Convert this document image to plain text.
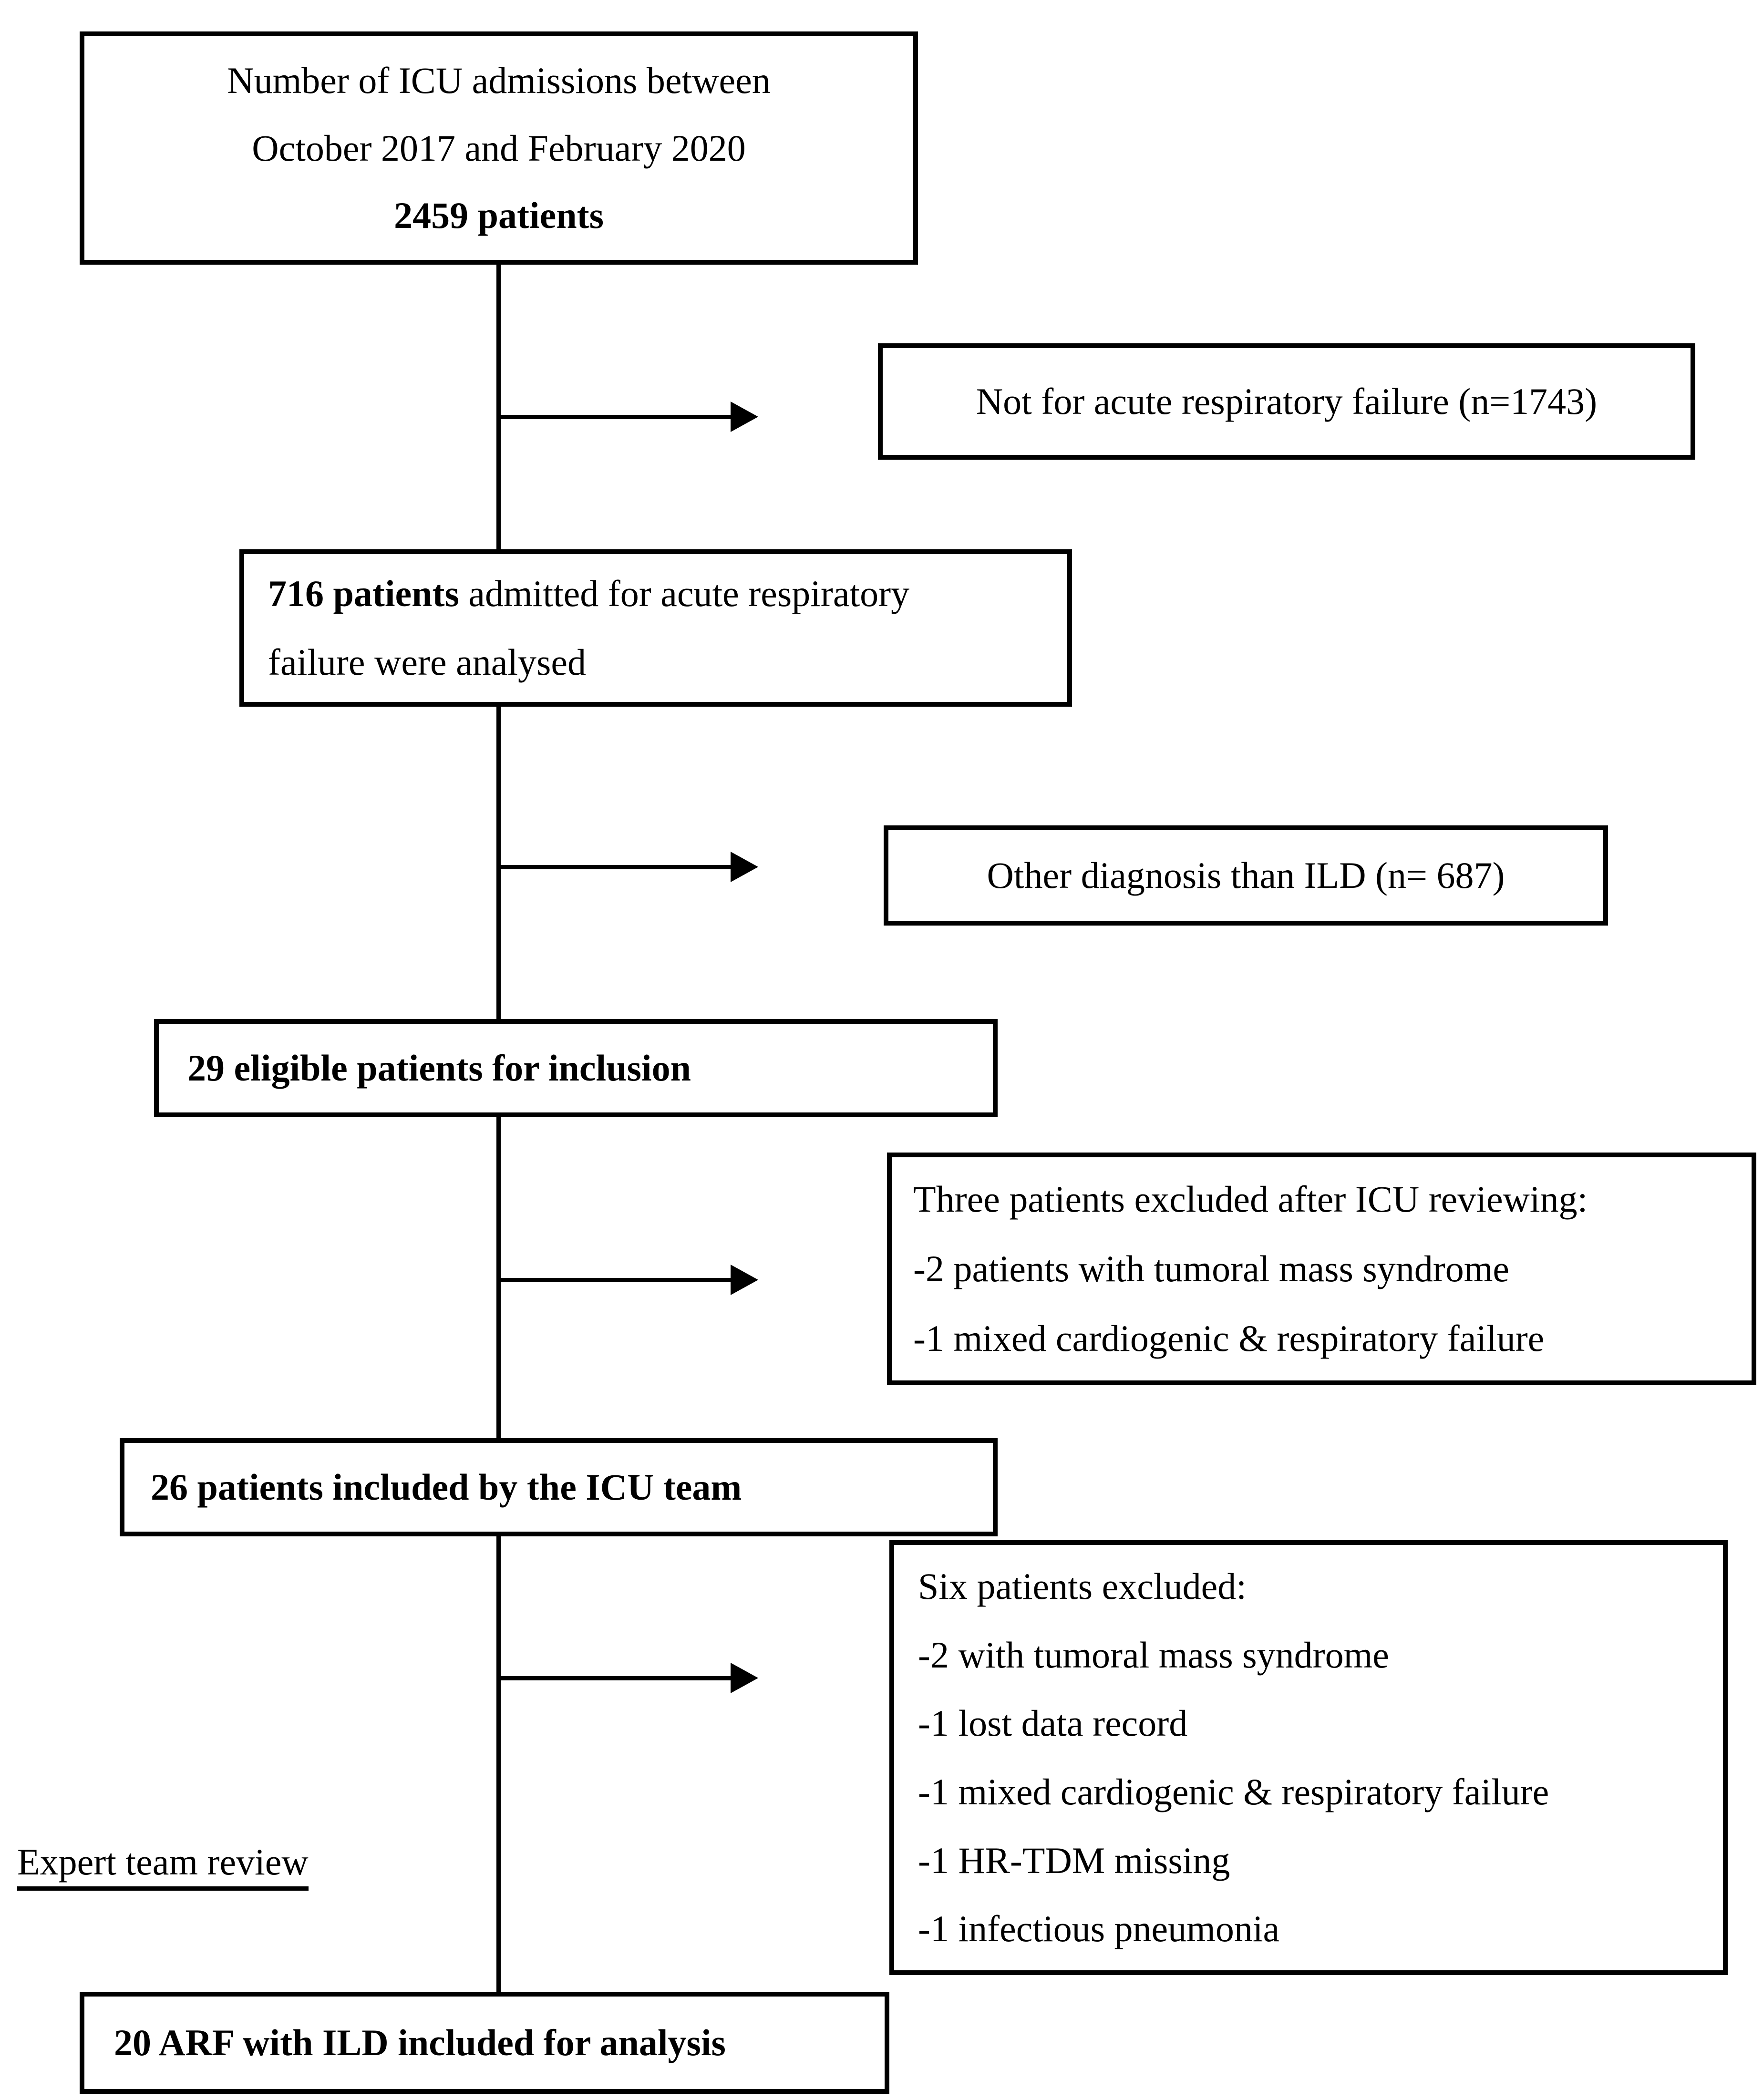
Number of ICU admissions between
October 2017 and February 2020
2459 patients
716 patients admitted for acute respiratory
failure were analysed
29 eligible patients for inclusion
26 patients included by the ICU team
20 ARF with ILD included for analysis
Not for acute respiratory failure (n=1743)
Other diagnosis than ILD (n= 687)
Three patients excluded after ICU reviewing:
-2 patients with tumoral mass syndrome
-1 mixed cardiogenic & respiratory failure
Six patients excluded:
-2 with tumoral mass syndrome
-1 lost data record
-1 mixed cardiogenic & respiratory failure
-1 HR-TDM missing
-1 infectious pneumonia
Expert team review
